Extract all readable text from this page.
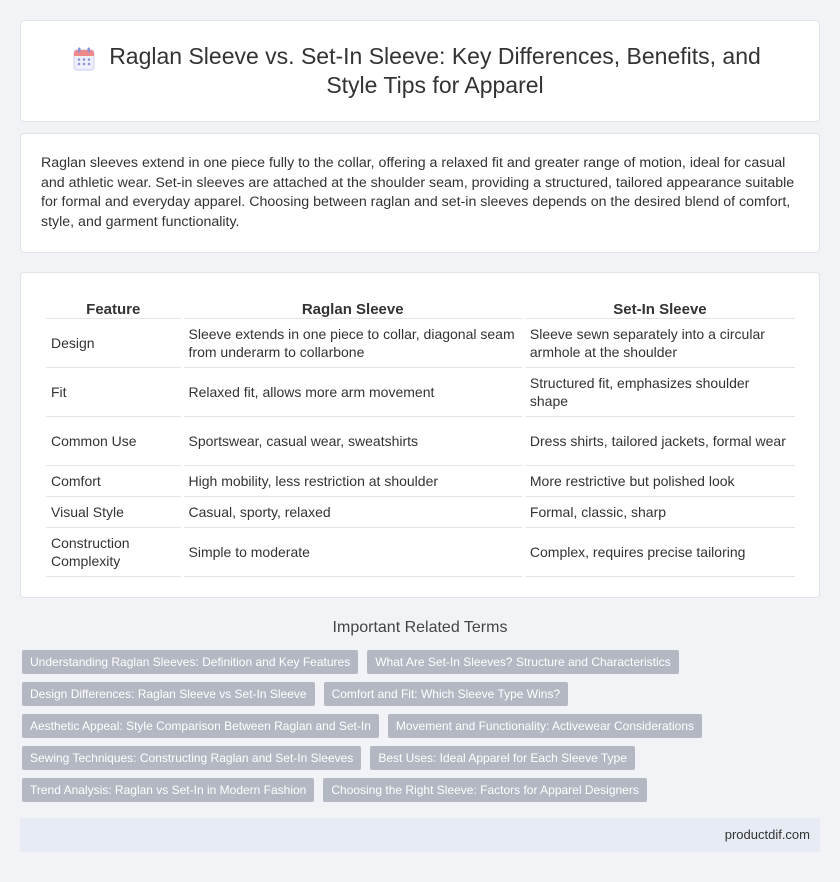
Raglan Sleeve vs. Set-In Sleeve: Key Differences, Benefits, and Style Tips for Apparel

Raglan sleeves extend in one piece fully to the collar, offering a relaxed fit and greater range of motion, ideal for casual and athletic wear. Set-in sleeves are attached at the shoulder seam, providing a structured, tailored appearance suitable for formal and everyday apparel. Choosing between raglan and set-in sleeves depends on the desired blend of comfort, style, and garment functionality.

Feature	Raglan Sleeve	Set-In Sleeve
Design	Sleeve extends in one piece to collar, diagonal seam from underarm to collarbone	Sleeve sewn separately into a circular armhole at the shoulder
Fit	Relaxed fit, allows more arm movement	Structured fit, emphasizes shoulder shape
Common Use	Sportswear, casual wear, sweatshirts	Dress shirts, tailored jackets, formal wear
Comfort	High mobility, less restriction at shoulder	More restrictive but polished look
Visual Style	Casual, sporty, relaxed	Formal, classic, sharp
Construction Complexity	Simple to moderate	Complex, requires precise tailoring
Important Related Terms
Understanding Raglan Sleeves: Definition and Key Features	What Are Set-In Sleeves? Structure and Characteristics
Design Differences: Raglan Sleeve vs Set-In Sleeve	Comfort and Fit: Which Sleeve Type Wins?
Aesthetic Appeal: Style Comparison Between Raglan and Set-In	Movement and Functionality: Activewear Considerations
Sewing Techniques: Constructing Raglan and Set-In Sleeves	Best Uses: Ideal Apparel for Each Sleeve Type
Trend Analysis: Raglan vs Set-In in Modern Fashion	Choosing the Right Sleeve: Factors for Apparel Designers
productdif.com
